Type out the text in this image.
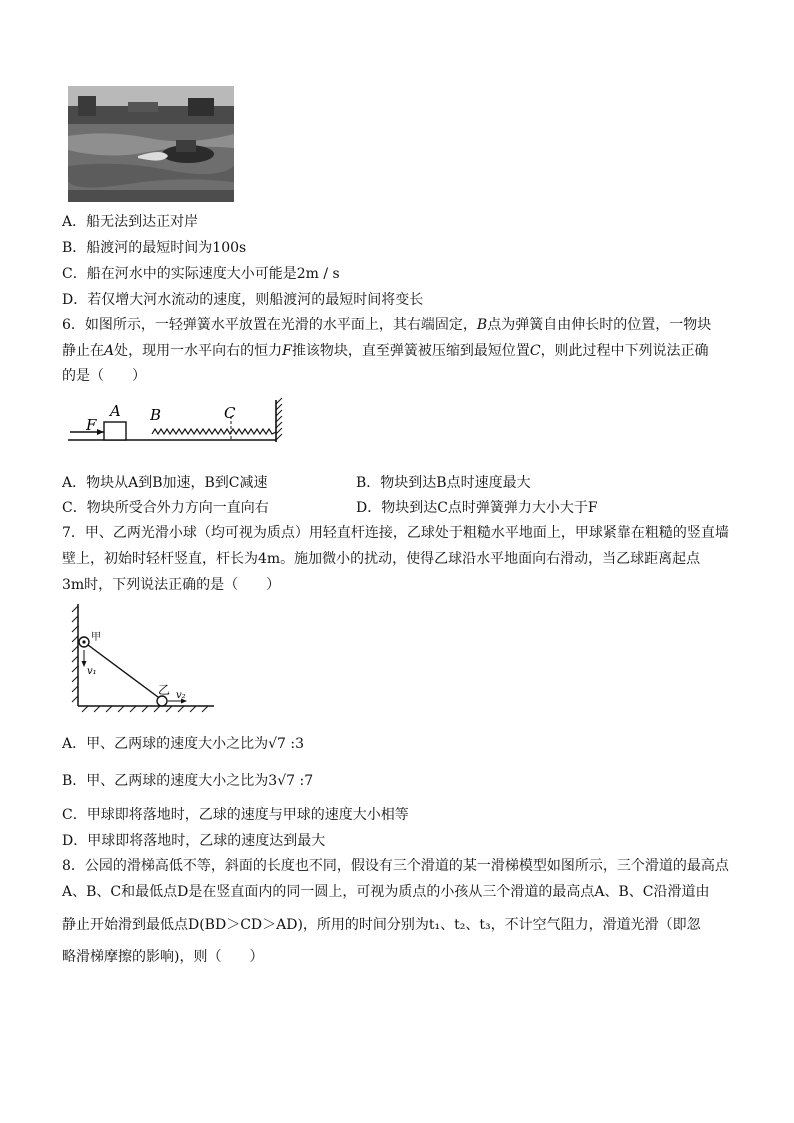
A．船无法到达正对岸
B．船渡河的最短时间为100s
C．船在河水中的实际速度大小可能是2m / s
D．若仅增大河水流动的速度，则船渡河的最短时间将变长
6．如图所示，一轻弹簧水平放置在光滑的水平面上，其右端固定，B点为弹簧自由伸长时的位置，一物块
静止在A处，现用一水平向右的恒力F推该物块，直至弹簧被压缩到最短位置C，则此过程中下列说法正确
的是（　　）
F
A B	C
A．物块从A到B加速，B到C减速	B．物块到达B点时速度最大
C．物块所受合外力方向一直向右	D．物块到达C点时弹簧弹力大小大于F
7．甲、乙两光滑小球（均可视为质点）用轻直杆连接，乙球处于粗糙水平地面上，甲球紧靠在粗糙的竖直墙
壁上，初始时轻杆竖直，杆长为4m。施加微小的扰动，使得乙球沿水平地面向右滑动，当乙球距离起点
3m时，下列说法正确的是（　　）
甲
v₁
乙 v₂
A．甲、乙两球的速度大小之比为√7 :3
B．甲、乙两球的速度大小之比为3√7 :7
C．甲球即将落地时，乙球的速度与甲球的速度大小相等
D．甲球即将落地时，乙球的速度达到最大
8．公园的滑梯高低不等，斜面的长度也不同，假设有三个滑道的某一滑梯模型如图所示，三个滑道的最高点
A、B、C和最低点D是在竖直面内的同一圆上，可视为质点的小孩从三个滑道的最高点A、B、C沿滑道由
静止开始滑到最低点D(BD＞CD＞AD)，所用的时间分别为t₁、t₂、t₃，不计空气阻力，滑道光滑（即忽
略滑梯摩擦的影响)，则（　　）
